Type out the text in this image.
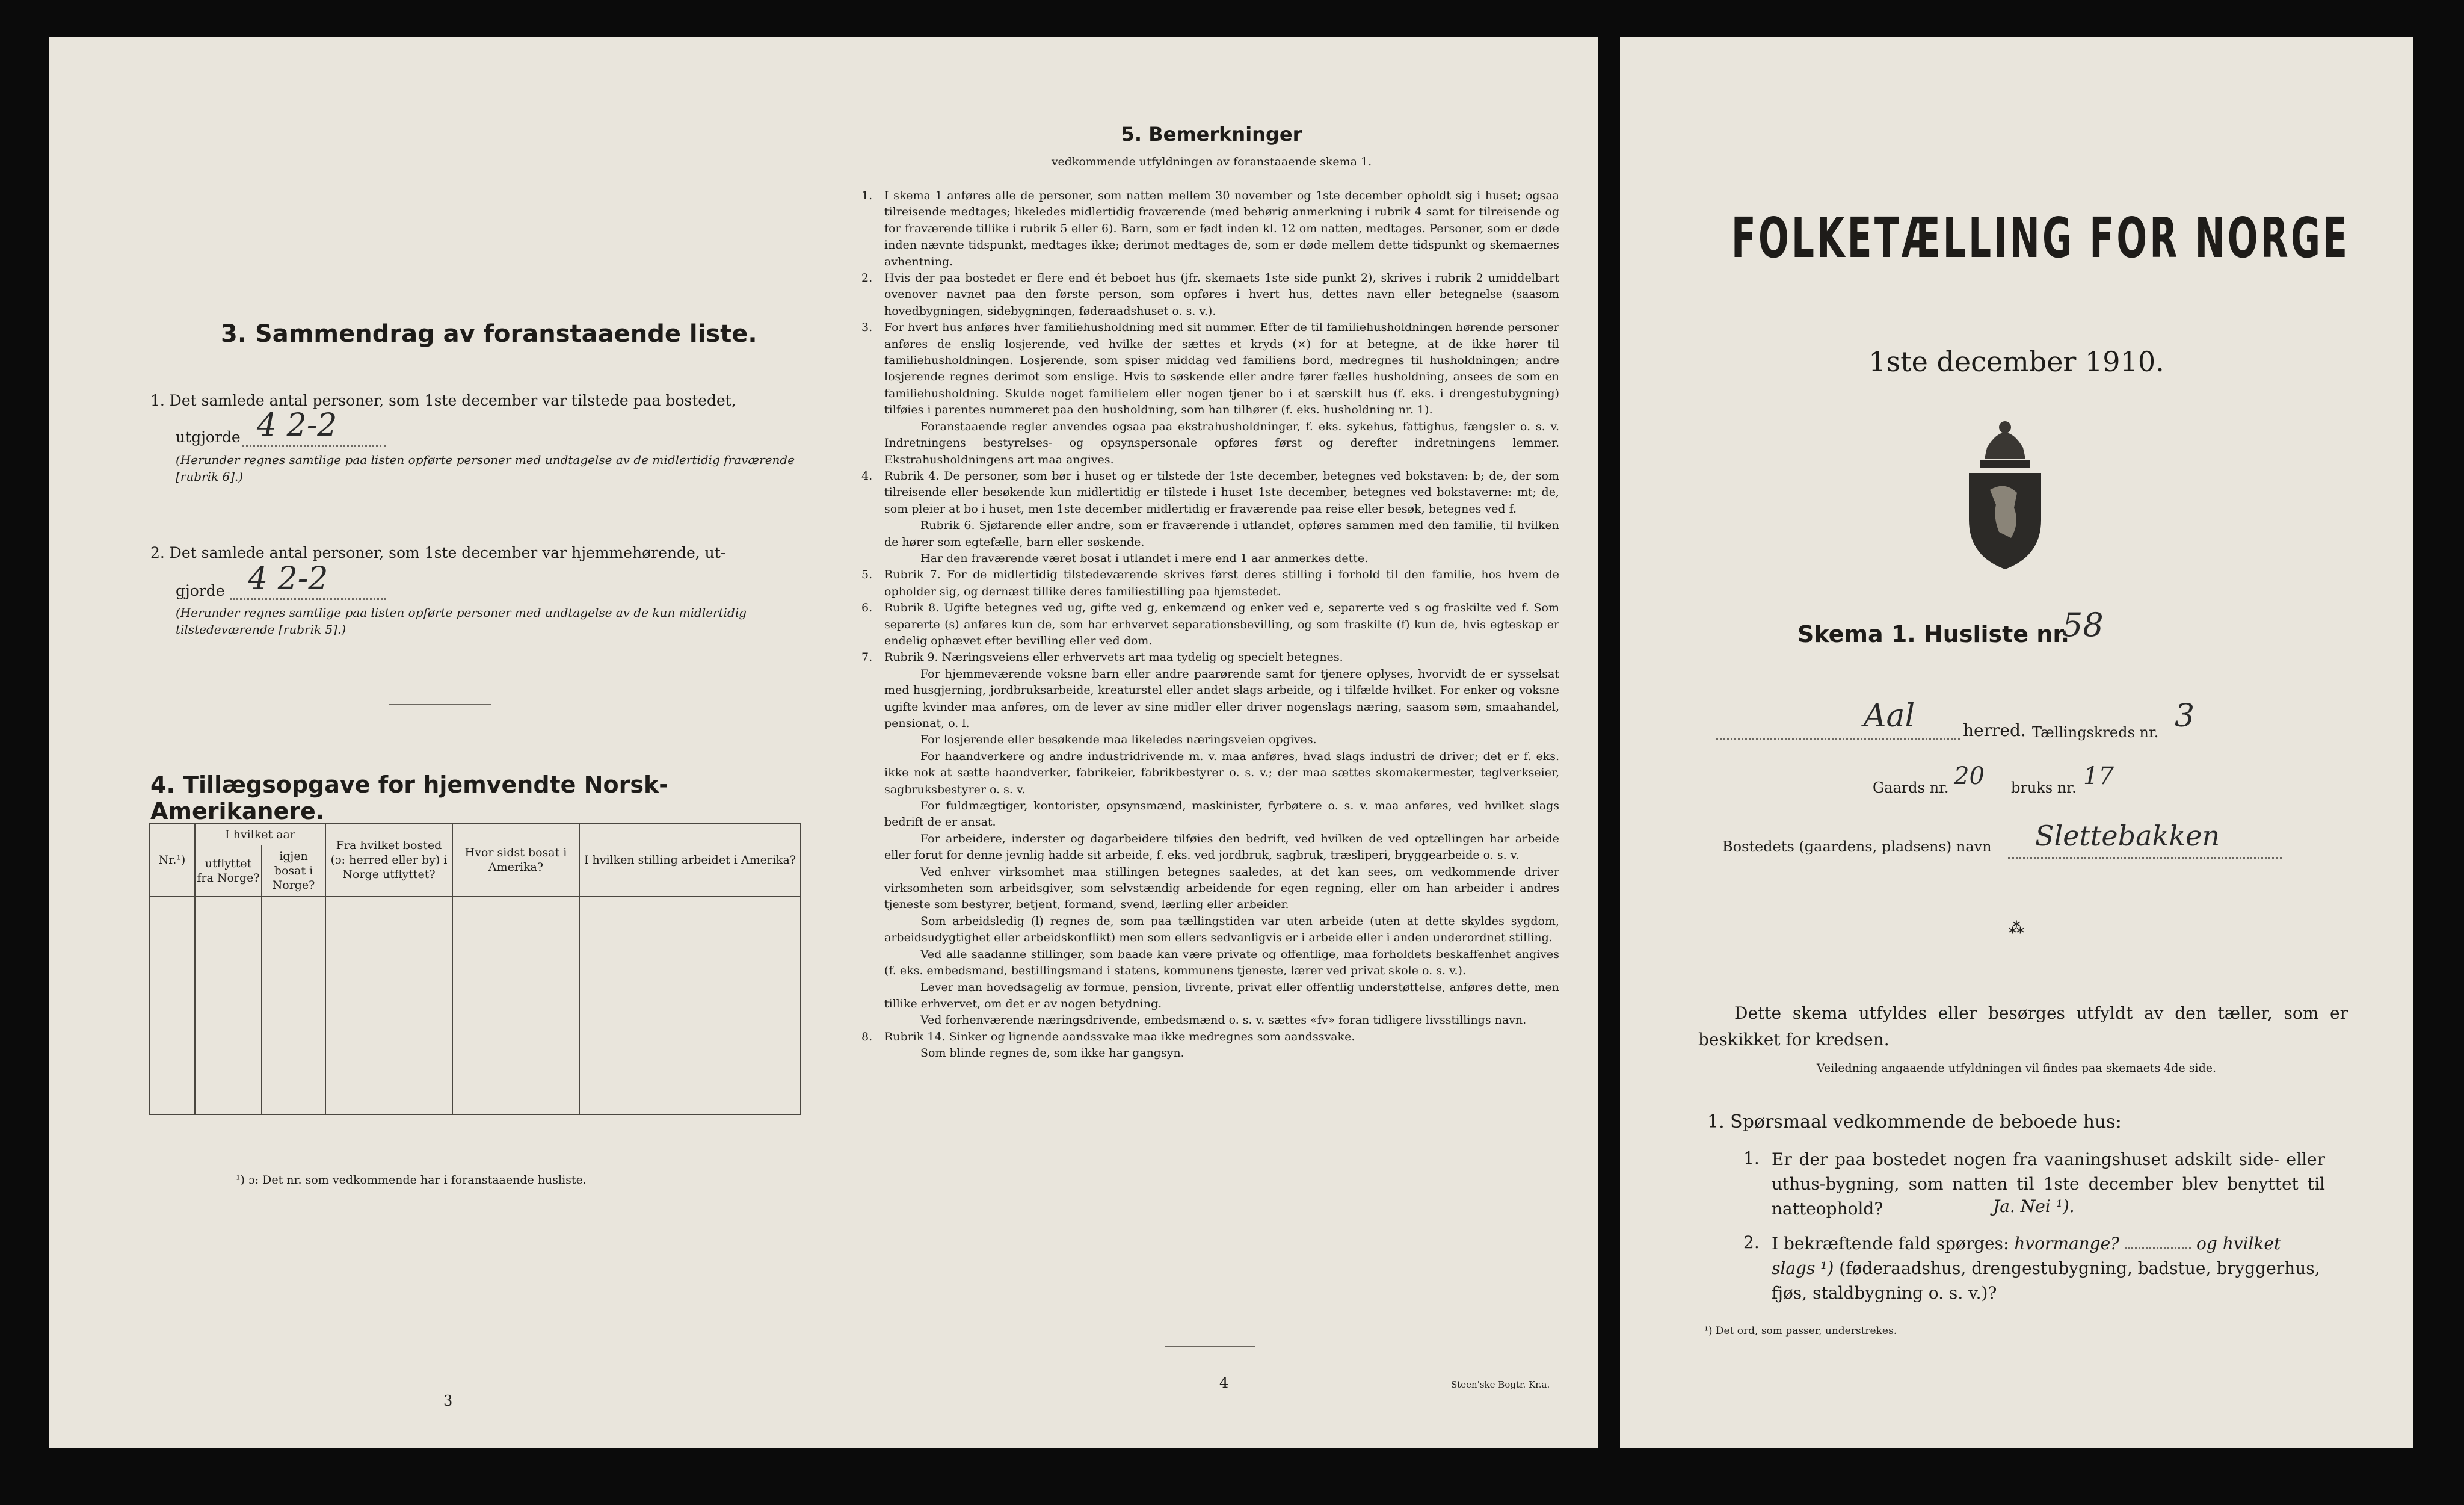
3. Sammendrag av foranstaaende liste.
1. Det samlede antal personer, som 1ste december var tilstede paa bostedet,
utgjorde 4 2-2
(Herunder regnes samtlige paa listen opførte personer med undtagelse av de midlertidig fraværende [rubrik 6].)
2. Det samlede antal personer, som 1ste december var hjemmehørende, ut-
gjorde 4 2-2
(Herunder regnes samtlige paa listen opførte personer med undtagelse av de kun midlertidig tilstedeværende [rubrik 5].)
4. Tillægsopgave for hjemvendte Norsk-Amerikanere.
Nr.¹)	I hvilket aar		Fra hvilket bosted (ɔ: herred eller by) i Norge utflyttet?	Hvor sidst bosat i Amerika?	I hvilken stilling arbeidet i Amerika?
	utflyttet fra Norge?	igjen bosat i Norge?			

¹) ɔ: Det nr. som vedkommende har i foranstaaende husliste.
3
5. Bemerkninger
vedkommende utfyldningen av foranstaaende skema 1.
1.	I skema 1 anføres alle de personer, som natten mellem 30 november og 1ste december opholdt sig i huset; ogsaa tilreisende medtages; likeledes midlertidig fraværende (med behørig anmerkning i rubrik 4 samt for tilreisende og for fraværende tillike i rubrik 5 eller 6). Barn, som er født inden kl. 12 om natten, medtages. Personer, som er døde inden nævnte tidspunkt, medtages ikke; derimot medtages de, som er døde mellem dette tidspunkt og skemaernes avhentning.
2.	Hvis der paa bostedet er flere end ét beboet hus (jfr. skemaets 1ste side punkt 2), skrives i rubrik 2 umiddelbart ovenover navnet paa den første person, som opføres i hvert hus, dettes navn eller betegnelse (saasom hovedbygningen, sidebygningen, føderaadshuset o. s. v.).
3.	For hvert hus anføres hver familiehusholdning med sit nummer. Efter de til familiehusholdningen hørende personer anføres de enslig losjerende, ved hvilke der sættes et kryds (×) for at betegne, at de ikke hører til familiehusholdningen. Losjerende, som spiser middag ved familiens bord, medregnes til husholdningen; andre losjerende regnes derimot som enslige. Hvis to søskende eller andre fører fælles husholdning, ansees de som en familiehusholdning. Skulde noget familielem eller nogen tjener bo i et særskilt hus (f. eks. i drengestubygning) tilføies i parentes nummeret paa den husholdning, som han tilhører (f. eks. husholdning nr. 1).
Foranstaaende regler anvendes ogsaa paa ekstrahusholdninger, f. eks. sykehus, fattighus, fængsler o. s. v. Indretningens bestyrelses- og opsynspersonale opføres først og derefter indretningens lemmer. Ekstrahusholdningens art maa angives.
4.	Rubrik 4. De personer, som bør i huset og er tilstede der 1ste december, betegnes ved bokstaven: b; de, der som tilreisende eller besøkende kun midlertidig er tilstede i huset 1ste december, betegnes ved bokstaverne: mt; de, som pleier at bo i huset, men 1ste december midlertidig er fraværende paa reise eller besøk, betegnes ved f.
Rubrik 6. Sjøfarende eller andre, som er fraværende i utlandet, opføres sammen med den familie, til hvilken de hører som egtefælle, barn eller søskende.
Har den fraværende været bosat i utlandet i mere end 1 aar anmerkes dette.
5.	Rubrik 7. For de midlertidig tilstedeværende skrives først deres stilling i forhold til den familie, hos hvem de opholder sig, og dernæst tillike deres familiestilling paa hjemstedet.
6.	Rubrik 8. Ugifte betegnes ved ug, gifte ved g, enkemænd og enker ved e, separerte ved s og fraskilte ved f. Som separerte (s) anføres kun de, som har erhvervet separationsbevilling, og som fraskilte (f) kun de, hvis egteskap er endelig ophævet efter bevilling eller ved dom.
7.	Rubrik 9. Næringsveiens eller erhvervets art maa tydelig og specielt betegnes.
For hjemmeværende voksne barn eller andre paarørende samt for tjenere oplyses, hvorvidt de er sysselsat med husgjerning, jordbruksarbeide, kreaturstel eller andet slags arbeide, og i tilfælde hvilket. For enker og voksne ugifte kvinder maa anføres, om de lever av sine midler eller driver nogenslags næring, saasom søm, smaahandel, pensionat, o. l.
For losjerende eller besøkende maa likeledes næringsveien opgives.
For haandverkere og andre industridrivende m. v. maa anføres, hvad slags industri de driver; det er f. eks. ikke nok at sætte haandverker, fabrikeier, fabrikbestyrer o. s. v.; der maa sættes skomakermester, teglverkseier, sagbruksbestyrer o. s. v.
For fuldmægtiger, kontorister, opsynsmænd, maskinister, fyrbøtere o. s. v. maa anføres, ved hvilket slags bedrift de er ansat.
For arbeidere, inderster og dagarbeidere tilføies den bedrift, ved hvilken de ved optællingen har arbeide eller forut for denne jevnlig hadde sit arbeide, f. eks. ved jordbruk, sagbruk, træsliperi, bryggearbeide o. s. v.
Ved enhver virksomhet maa stillingen betegnes saaledes, at det kan sees, om vedkommende driver virksomheten som arbeidsgiver, som selvstændig arbeidende for egen regning, eller om han arbeider i andres tjeneste som bestyrer, betjent, formand, svend, lærling eller arbeider.
Som arbeidsledig (l) regnes de, som paa tællingstiden var uten arbeide (uten at dette skyldes sygdom, arbeidsudygtighet eller arbeidskonflikt) men som ellers sedvanligvis er i arbeide eller i anden underordnet stilling.
Ved alle saadanne stillinger, som baade kan være private og offentlige, maa forholdets beskaffenhet angives (f. eks. embedsmand, bestillingsmand i statens, kommunens tjeneste, lærer ved privat skole o. s. v.).
Lever man hovedsagelig av formue, pension, livrente, privat eller offentlig understøttelse, anføres dette, men tillike erhvervet, om det er av nogen betydning.
Ved forhenværende næringsdrivende, embedsmænd o. s. v. sættes «fv» foran tidligere livsstillings navn.
8.	Rubrik 14. Sinker og lignende aandssvake maa ikke medregnes som aandssvake.
Som blinde regnes de, som ikke har gangsyn.
4	Steen'ske Bogtr. Kr.a.
FOLKETÆLLING FOR NORGE
1ste december 1910.
Skema 1. Husliste nr.
58
Aal	herred. Tællingskreds nr. 3
Gaards nr. 20 bruks nr. 17
Bostedets (gaardens, pladsens) navn Slettebakken
⁂
Dette skema utfyldes eller besørges utfyldt av den tæller, som er beskikket for kredsen.
Veiledning angaaende utfyldningen vil findes paa skemaets 4de side.
1. Spørsmaal vedkommende de beboede hus:
1. Er der paa bostedet nogen fra vaaningshuset adskilt side- eller uthus-bygning, som natten til 1ste december blev benyttet til natteophold?	Ja. Nei ¹).
2. I bekræftende fald spørges: hvormange?	og hvilket slags ¹) (føderaadshus, drengestubygning, badstue, bryggerhus, fjøs, staldbygning o. s. v.)?
¹) Det ord, som passer, understrekes.
